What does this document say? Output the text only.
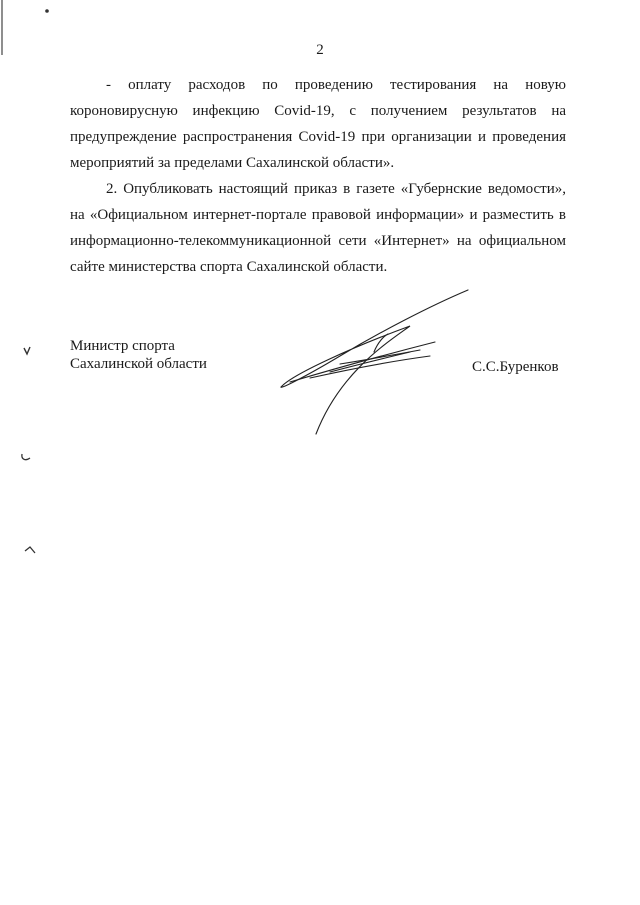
2

- оплату расходов по проведению тестирования на новую короновирусную инфекцию Covid-19, с получением результатов на предупреждение распространения Covid-19 при организации и проведения мероприятий за пределами Сахалинской области».

2. Опубликовать настоящий приказ в газете «Губернские ведомости», на «Официальном интернет-портале правовой информации» и разместить в информационно-телекоммуникационной сети «Интернет» на официальном сайте министерства спорта Сахалинской области.

Министр спорта
Сахалинской области	С.С.Буренков
